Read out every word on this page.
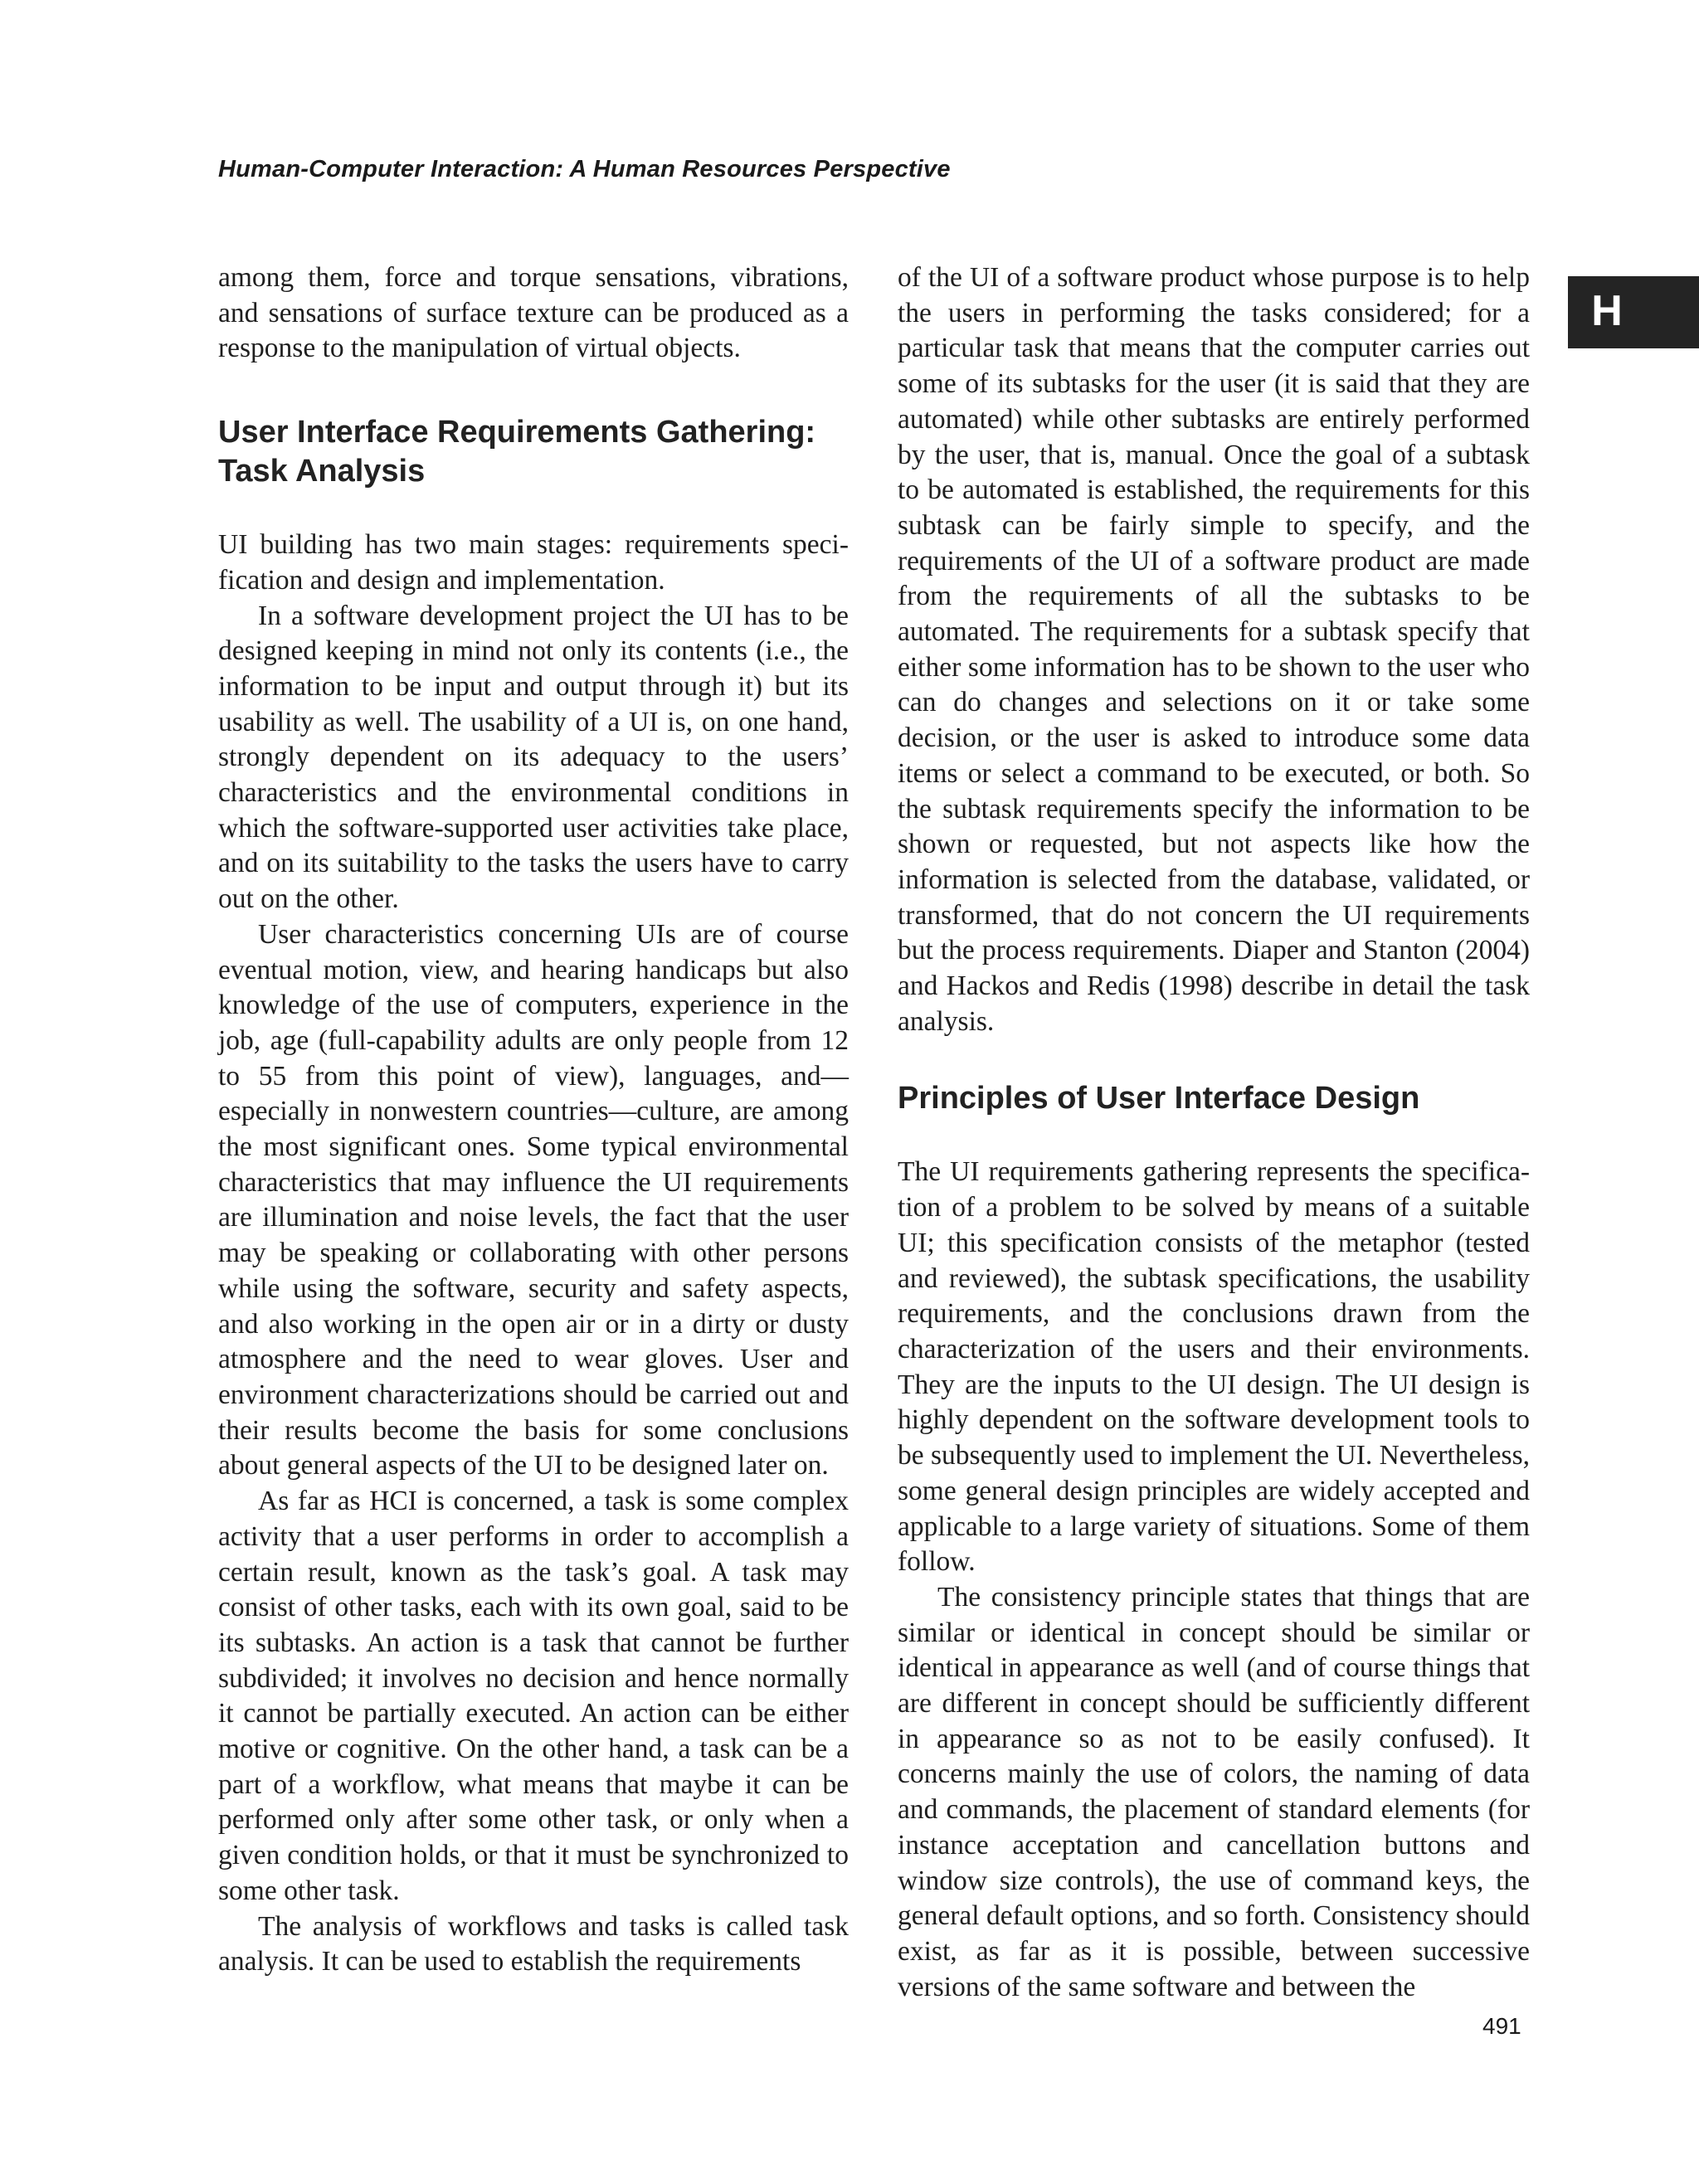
Human-Computer Interaction: A Human Resources Perspective
H

among them, force and torque sensations, vibrations, and sensations of surface texture can be produced as a response to the manipulation of virtual objects.

User Interface Requirements Gathering: Task Analysis

UI building has two main stages: requirements specification and design and implementation.

In a software development project the UI has to be designed keeping in mind not only its contents (i.e., the information to be input and output through it) but its usability as well. The usability of a UI is, on one hand, strongly dependent on its adequacy to the users’ characteristics and the environmental conditions in which the software-supported user activities take place, and on its suitability to the tasks the users have to carry out on the other.

User characteristics concerning UIs are of course eventual motion, view, and hearing handicaps but also knowledge of the use of computers, experience in the job, age (full-capability adults are only people from 12 to 55 from this point of view), languages, and—especially in nonwestern countries—culture, are among the most significant ones. Some typical environmental characteristics that may influence the UI requirements are illumination and noise levels, the fact that the user may be speaking or collaborating with other persons while using the software, security and safety aspects, and also working in the open air or in a dirty or dusty atmosphere and the need to wear gloves. User and environment characterizations should be carried out and their results become the basis for some conclusions about general aspects of the UI to be designed later on.

As far as HCI is concerned, a task is some complex activity that a user performs in order to accomplish a certain result, known as the task’s goal. A task may consist of other tasks, each with its own goal, said to be its subtasks. An action is a task that cannot be further subdivided; it involves no decision and hence normally it cannot be partially executed. An action can be either motive or cognitive. On the other hand, a task can be a part of a workflow, what means that maybe it can be performed only after some other task, or only when a given condition holds, or that it must be synchronized to some other task.

The analysis of workflows and tasks is called task analysis. It can be used to establish the requirements

of the UI of a software product whose purpose is to help the users in performing the tasks considered; for a particular task that means that the computer carries out some of its subtasks for the user (it is said that they are automated) while other subtasks are entirely performed by the user, that is, manual. Once the goal of a subtask to be automated is established, the requirements for this subtask can be fairly simple to specify, and the requirements of the UI of a software product are made from the requirements of all the subtasks to be automated. The requirements for a subtask specify that either some information has to be shown to the user who can do changes and selections on it or take some decision, or the user is asked to introduce some data items or select a command to be executed, or both. So the subtask requirements specify the information to be shown or requested, but not aspects like how the information is selected from the database, validated, or transformed, that do not concern the UI requirements but the process requirements. Diaper and Stanton (2004) and Hackos and Redis (1998) describe in detail the task analysis.

Principles of User Interface Design

The UI requirements gathering represents the specification of a problem to be solved by means of a suitable UI; this specification consists of the metaphor (tested and reviewed), the subtask specifications, the usability requirements, and the conclusions drawn from the characterization of the users and their environments. They are the inputs to the UI design. The UI design is highly dependent on the software development tools to be subsequently used to implement the UI. Nevertheless, some general design principles are widely accepted and applicable to a large variety of situations. Some of them follow.

The consistency principle states that things that are similar or identical in concept should be similar or identical in appearance as well (and of course things that are different in concept should be sufficiently different in appearance so as not to be easily confused). It concerns mainly the use of colors, the naming of data and commands, the placement of standard elements (for instance acceptation and cancellation buttons and window size controls), the use of command keys, the general default options, and so forth. Consistency should exist, as far as it is possible, between successive versions of the same software and between the

491
